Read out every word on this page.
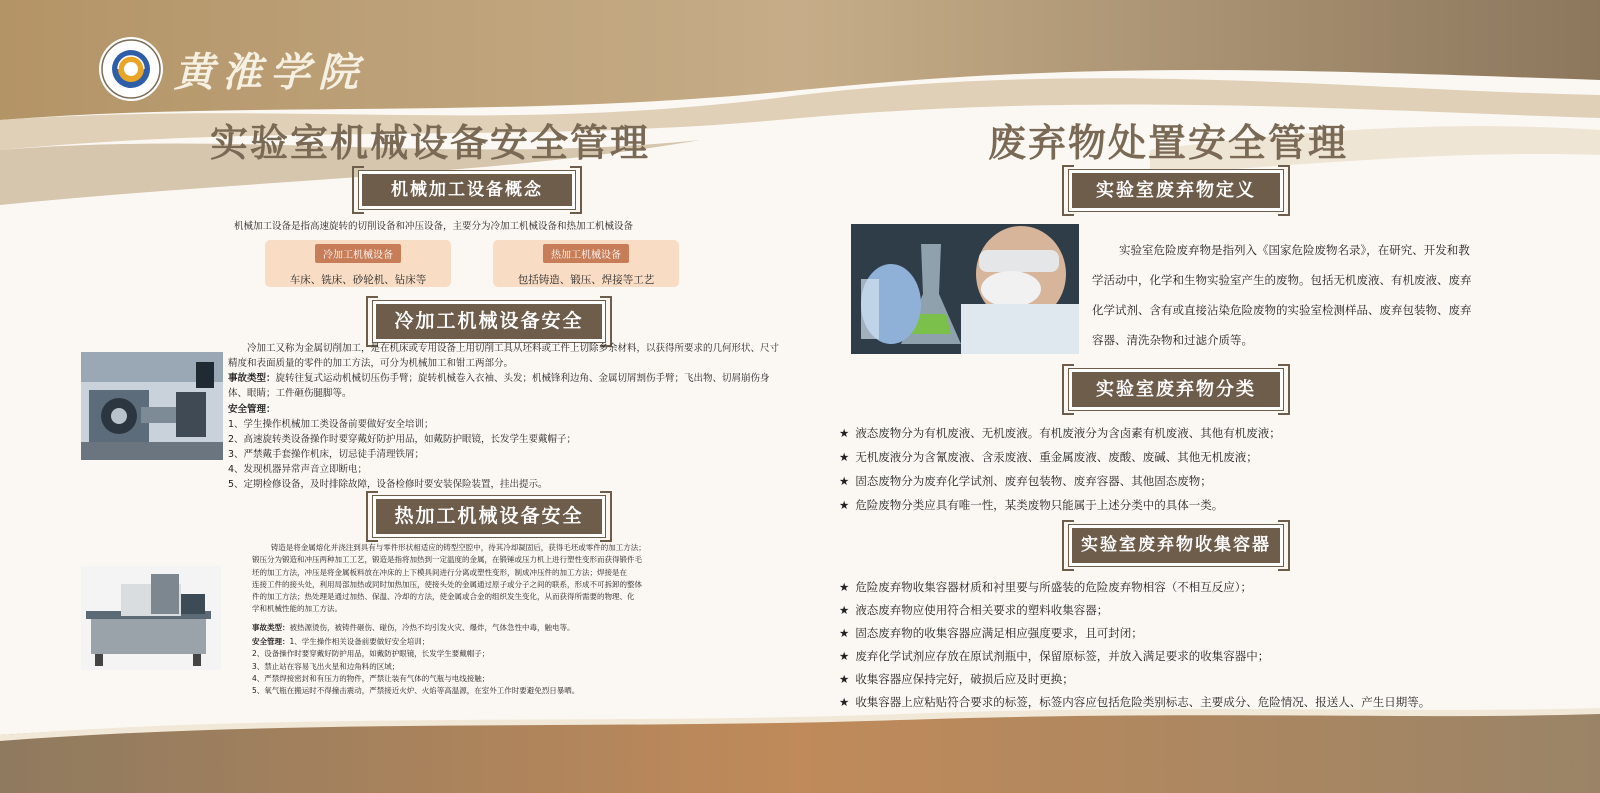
黄淮学院
实验室机械设备安全管理
机械加工设备概念
机械加工设备是指高速旋转的切削设备和冲压设备，主要分为冷加工机械设备和热加工机械设备
冷加工机械设备
车床、铣床、砂轮机、钻床等
热加工机械设备
包括铸造、锻压、焊接等工艺
冷加工机械设备安全
冷加工又称为金属切削加工，是在机床或专用设备上用切削工具从坯料或工件上切除多余材料，以获得所要求的几何形状、尺寸精度和表面质量的零件的加工方法，可分为机械加工和钳工两部分。
事故类型：旋转往复式运动机械切压伤手臂；旋转机械卷入衣袖、头发；机械锋利边角、金属切屑割伤手臂；飞出物、切屑崩伤身体、眼睛；工件砸伤腿脚等。
安全管理：
1、学生操作机械加工类设备前要做好安全培训；
2、高速旋转类设备操作时要穿戴好防护用品，如戴防护眼镜，长发学生要戴帽子；
3、严禁戴手套操作机床，切忌徒手清理铁屑；
4、发现机器异常声音立即断电；
5、定期检修设备，及时排除故障，设备检修时要安装保险装置，挂出提示。
热加工机械设备安全
铸造是将金属熔化并浇注到具有与零件形状相适应的铸型空腔中，待其冷却凝固后，获得毛坯或零件的加工方法；
锻压分为锻造和冲压两种加工工艺，锻造是指将加热到一定温度的金属，在锻锤或压力机上进行塑性变形而获得锻件毛
坯的加工方法，冲压是将金属板料放在冲床的上下模具间进行分离或塑性变形，制成冲压件的加工方法；焊接是在
连接工件的接头处，利用局部加热或同时加热加压，使接头处的金属通过原子或分子之间的联系，形成不可拆卸的整体
件的加工方法；热处理是通过加热、保温、冷却的方法，使金属或合金的组织发生变化，从而获得所需要的物理、化
学和机械性能的加工方法。
事故类型：被热源烫伤，被铸件砸伤、碰伤，冷热不均引发火灾、爆炸，气体急性中毒，触电等。
安全管理：1、学生操作相关设备前要做好安全培训；
2、设备操作时要穿戴好防护用品，如戴防护眼镜，长发学生要戴帽子；
3、禁止站在容易飞出火星和边角料的区域；
4、严禁焊接密封和有压力的物件，严禁让装有气体的气瓶与电线接触；
5、氧气瓶在搬运时不得撞击震动，严禁接近火炉、火焰等高温源，在室外工作时要避免烈日暴晒。
废弃物处置安全管理
实验室废弃物定义
实验室危险废弃物是指列入《国家危险废物名录》，在研究、开发和教
学活动中，化学和生物实验室产生的废物。包括无机废液、有机废液、废弃
化学试剂、含有或直接沾染危险废物的实验室检测样品、废弃包装物、废弃
容器、清洗杂物和过滤介质等。
实验室废弃物分类
★ 液态废物分为有机废液、无机废液。有机废液分为含卤素有机废液、其他有机废液；
★ 无机废液分为含氰废液、含汞废液、重金属废液、废酸、废碱、其他无机废液；
★ 固态废物分为废弃化学试剂、废弃包装物、废弃容器、其他固态废物；
★ 危险废物分类应具有唯一性，某类废物只能属于上述分类中的具体一类。
实验室废弃物收集容器
★ 危险废弃物收集容器材质和衬里要与所盛装的危险废弃物相容（不相互反应）；
★ 液态废弃物应使用符合相关要求的塑料收集容器；
★ 固态废弃物的收集容器应满足相应强度要求，且可封闭；
★ 废弃化学试剂应存放在原试剂瓶中，保留原标签，并放入满足要求的收集容器中；
★ 收集容器应保持完好，破损后应及时更换；
★ 收集容器上应粘贴符合要求的标签，标签内容应包括危险类别标志、主要成分、危险情况、报送人、产生日期等。
